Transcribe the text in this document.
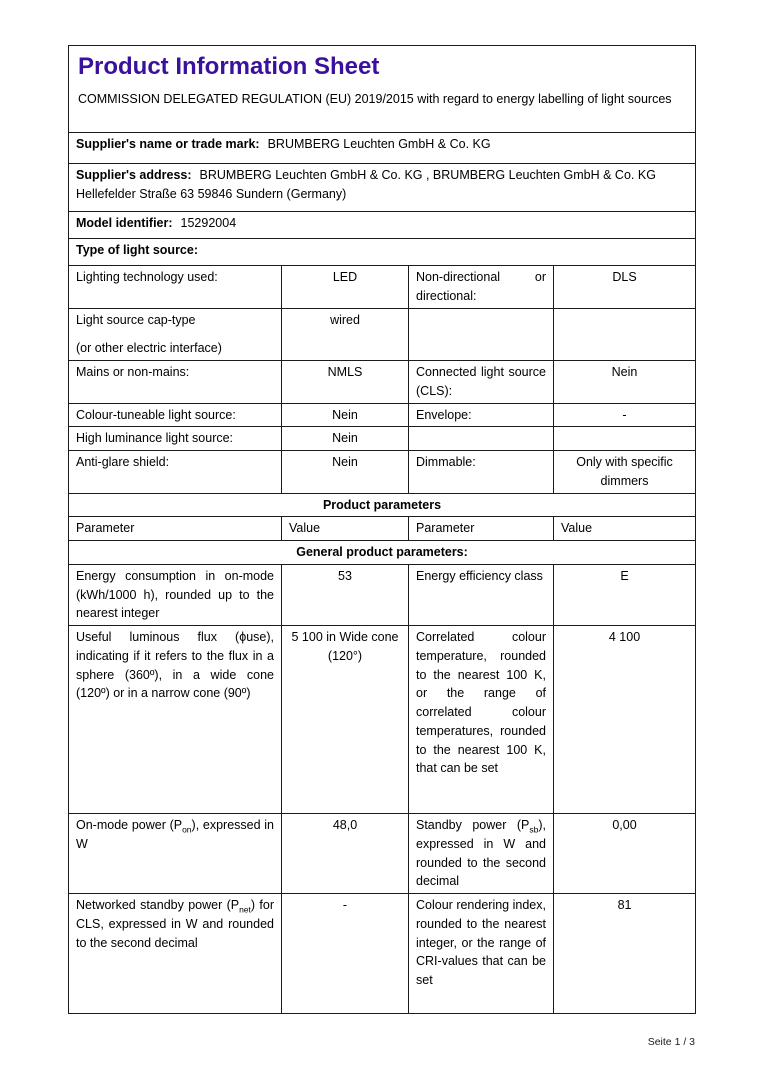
Product Information Sheet
COMMISSION DELEGATED REGULATION (EU) 2019/2015 with regard to energy labelling of light sources			

Supplier's name or trade mark: BRUMBERG Leuchten GmbH & Co. KG			
Supplier's address: BRUMBERG Leuchten GmbH & Co. KG , BRUMBERG Leuchten GmbH & Co. KG Hellefelder Straße 63 59846 Sundern (Germany)			
Model identifier: 15292004			
Type of light source:			
Lighting technology used:	LED	Non-directional or directional:	DLS

Light source cap-type
(or other electric interface)	wired		
Mains or non-mains:	NMLS	Connected light source (CLS):	Nein
Colour-tuneable light source:	Nein	Envelope:	-
High luminance light source:	Nein		
Anti-glare shield:	Nein	Dimmable:	Only with specific dimmers
Product parameters			
Parameter	Value	Parameter	Value
General product parameters:			
Energy consumption in on-mode (kWh/1000 h), rounded up to the nearest integer	53	Energy efficiency class	E
Useful luminous flux (ϕuse), indicating if it refers to the flux in a sphere (360º), in a wide cone (120º) or in a narrow cone (90º)	5 100 in Wide cone (120°)	Correlated colour temperature, rounded to the nearest 100 K, or the range of correlated colour temperatures, rounded to the nearest 100 K, that can be set	4 100
On-mode power $(P_{on})$, expressed in W	48,0	Standby power $(P_{sb})$, expressed in W and rounded to the second decimal	0,00
Networked standby power $(P_{net})$ for CLS, expressed in W and rounded to the second decimal	-	Colour rendering index, rounded to the nearest integer, or the range of CRI-values that can be set	81
Seite 1 / 3
